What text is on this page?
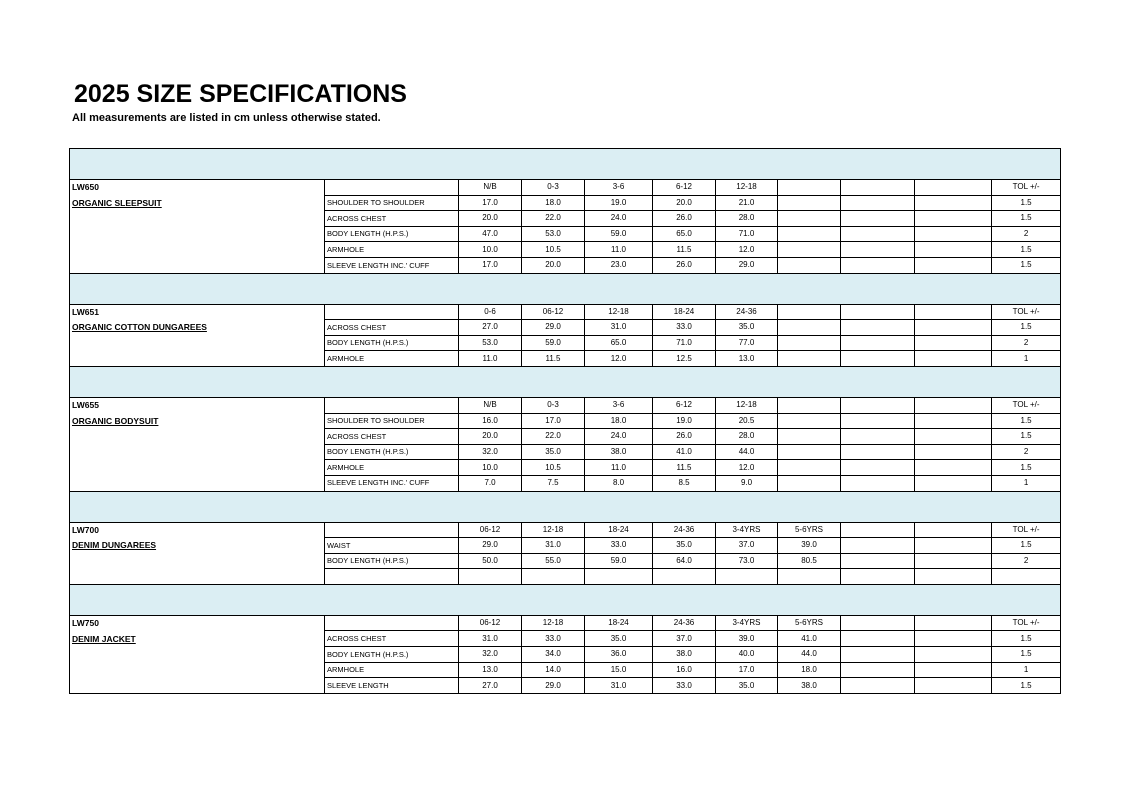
2025 SIZE SPECIFICATIONS

All measurements are listed in cm unless otherwise stated.

LW650		N/B	0-3	3-6	6-12	12-18				TOL +/-
ORGANIC SLEEPSUIT	SHOULDER TO SHOULDER	17.0	18.0	19.0	20.0	21.0				1.5
	ACROSS CHEST	20.0	22.0	24.0	26.0	28.0				1.5
	BODY LENGTH (H.P.S.)	47.0	53.0	59.0	65.0	71.0				2
	ARMHOLE	10.0	10.5	11.0	11.5	12.0				1.5
	SLEEVE LENGTH INC.' CUFF	17.0	20.0	23.0	26.0	29.0				1.5

LW651		0-6	06-12	12-18	18-24	24-36				TOL +/-
ORGANIC COTTON DUNGAREES	ACROSS CHEST	27.0	29.0	31.0	33.0	35.0				1.5
	BODY LENGTH (H.P.S.)	53.0	59.0	65.0	71.0	77.0				2
	ARMHOLE	11.0	11.5	12.0	12.5	13.0				1

LW655		N/B	0-3	3-6	6-12	12-18				TOL +/-
ORGANIC BODYSUIT	SHOULDER TO SHOULDER	16.0	17.0	18.0	19.0	20.5				1.5
	ACROSS CHEST	20.0	22.0	24.0	26.0	28.0				1.5
	BODY LENGTH (H.P.S.)	32.0	35.0	38.0	41.0	44.0				2
	ARMHOLE	10.0	10.5	11.0	11.5	12.0				1.5
	SLEEVE LENGTH INC.' CUFF	7.0	7.5	8.0	8.5	9.0				1

LW700		06-12	12-18	18-24	24-36	3-4YRS	5-6YRS			TOL +/-
DENIM DUNGAREES	WAIST	29.0	31.0	33.0	35.0	37.0	39.0			1.5
	BODY LENGTH (H.P.S.)	50.0	55.0	59.0	64.0	73.0	80.5			2

LW750		06-12	12-18	18-24	24-36	3-4YRS	5-6YRS			TOL +/-
DENIM JACKET	ACROSS CHEST	31.0	33.0	35.0	37.0	39.0	41.0			1.5
	BODY LENGTH (H.P.S.)	32.0	34.0	36.0	38.0	40.0	44.0			1.5
	ARMHOLE	13.0	14.0	15.0	16.0	17.0	18.0			1
	SLEEVE LENGTH	27.0	29.0	31.0	33.0	35.0	38.0			1.5
